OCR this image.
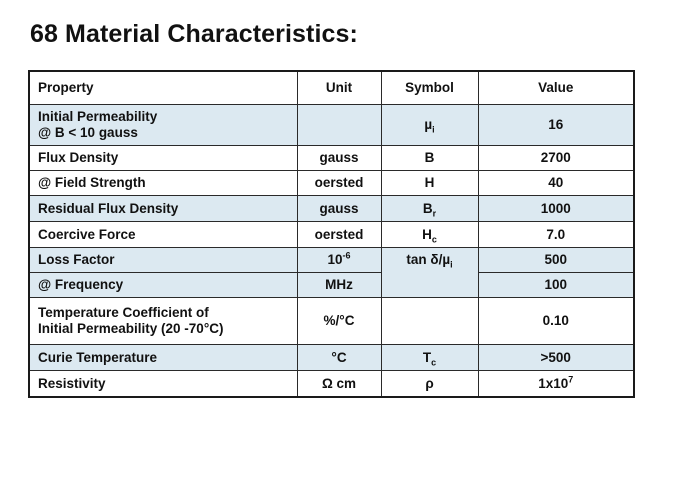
68 Material Characteristics:
Property	Unit	Symbol	Value

Initial Permeability
@ B < 10 gauss		µ$_i$	16
Flux Density	gauss	B	2700
@ Field Strength	oersted	H	40
Residual Flux Density	gauss	$B_r$	1000
Coercive Force	oersted	$H_c$	7.0
Loss Factor	$10^{-6}$	tan δ/µ$_i$	500
@ Frequency	MHz		100

Temperature Coefficient of
Initial Permeability (20 -70°C)	%/°C		0.10
Curie Temperature	°C	$T_c$	>500
Resistivity	Ω cm	ρ	$1x10^7$
